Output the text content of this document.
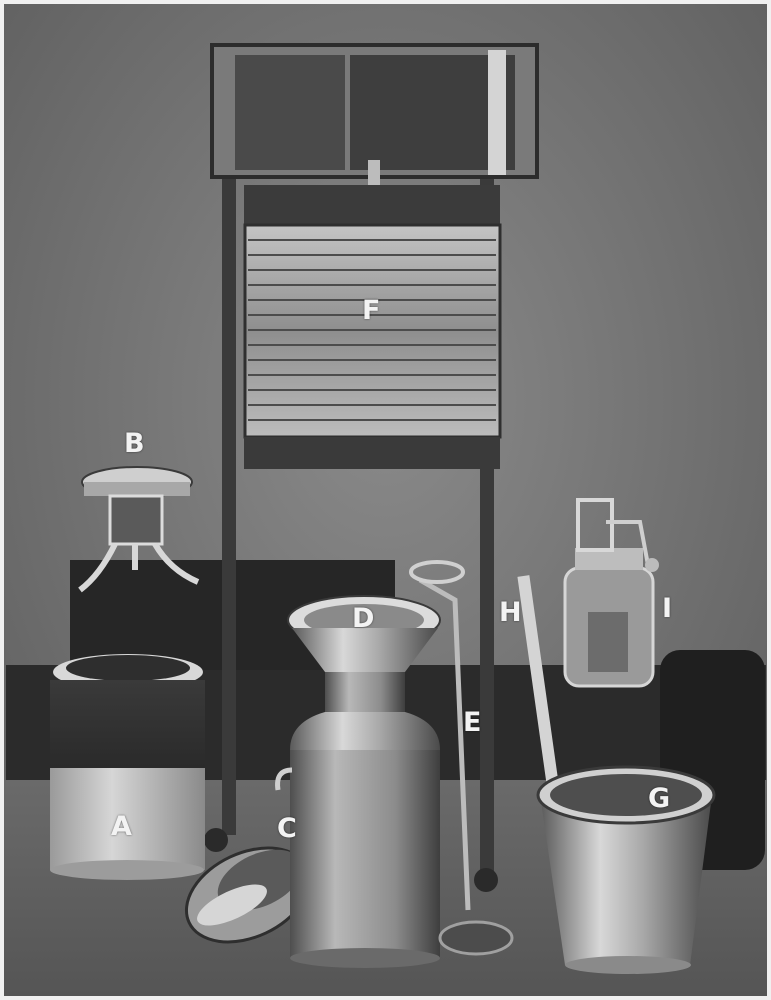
A
B
C
D
E
F
G
H	I
